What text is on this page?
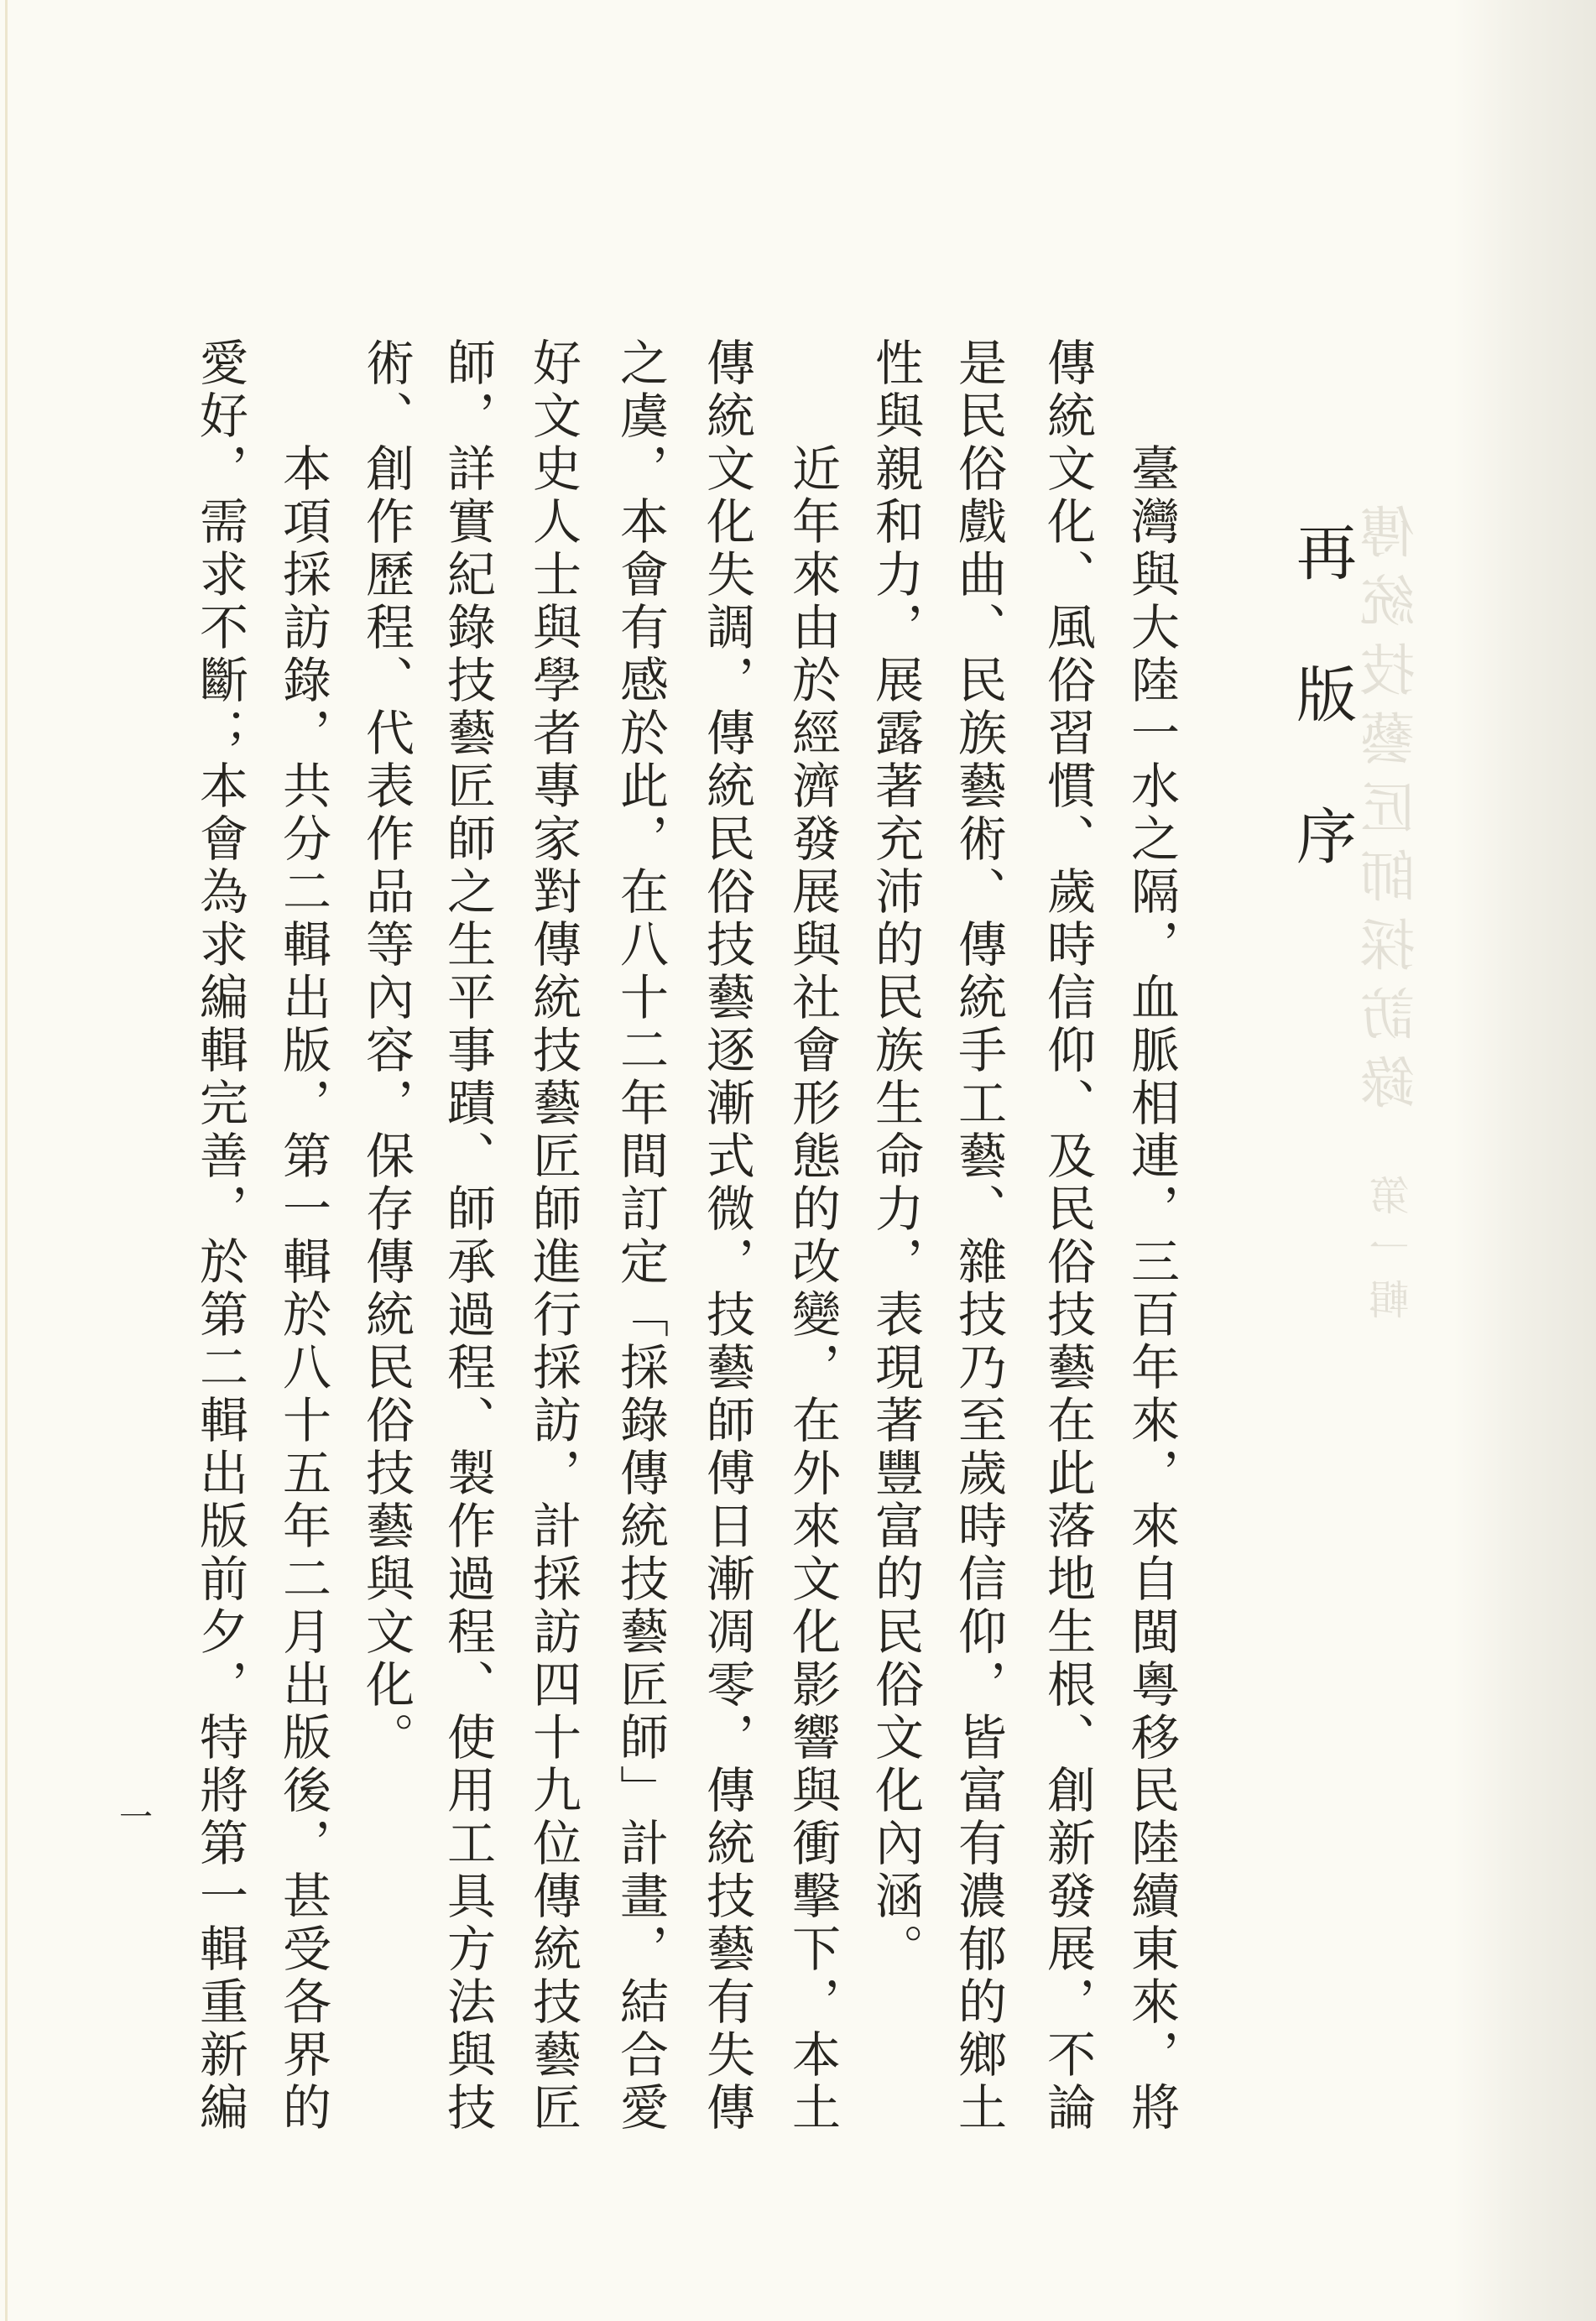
傳統技藝匠師採訪錄
第一輯
再版序
臺灣與大陸一水之隔，血脈相連，三百年來，來自閩粵移民陸續東來，將
傳統文化、風俗習慣、歲時信仰、及民俗技藝在此落地生根、創新發展，不論
是民俗戲曲、民族藝術、傳統手工藝、雜技乃至歲時信仰，皆富有濃郁的鄉土
性與親和力，展露著充沛的民族生命力，表現著豐富的民俗文化內涵。
近年來由於經濟發展與社會形態的改變，在外來文化影響與衝擊下，本土
傳統文化失調，傳統民俗技藝逐漸式微，技藝師傅日漸凋零，傳統技藝有失傳
之虞，本會有感於此，在八十二年間訂定「採錄傳統技藝匠師」計畫，結合愛
好文史人士與學者專家對傳統技藝匠師進行採訪，計採訪四十九位傳統技藝匠
師，詳實紀錄技藝匠師之生平事蹟、師承過程、製作過程、使用工具方法與技
術、創作歷程、代表作品等內容，保存傳統民俗技藝與文化。
本項採訪錄，共分二輯出版，第一輯於八十五年二月出版後，甚受各界的
愛好，需求不斷；本會為求編輯完善，於第二輯出版前夕，特將第一輯重新編
一
